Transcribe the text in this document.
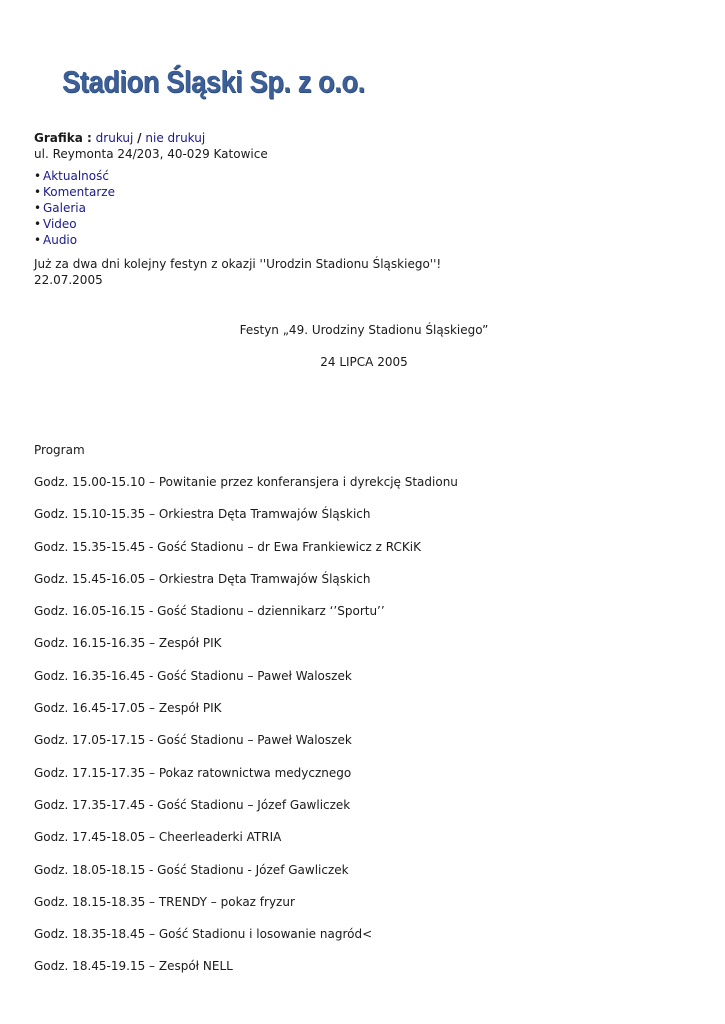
Stadion Śląski Sp. z o.o.
Grafika : drukuj / nie drukuj
ul. Reymonta 24/203, 40-029 Katowice
• Aktualność
• Komentarze
• Galeria
• Video
• Audio
Już za dwa dni kolejny festyn z okazji ''Urodzin Stadionu Śląskiego''!
22.07.2005
Festyn „49. Urodziny Stadionu Śląskiego”
24 LIPCA 2005
Program

Godz. 15.00-15.10 – Powitanie przez konferansjera i dyrekcję Stadionu

Godz. 15.10-15.35 – Orkiestra Dęta Tramwajów Śląskich

Godz. 15.35-15.45 - Gość Stadionu – dr Ewa Frankiewicz z RCKiK

Godz. 15.45-16.05 – Orkiestra Dęta Tramwajów Śląskich

Godz. 16.05-16.15 - Gość Stadionu – dziennikarz ‘’Sportu’’

Godz. 16.15-16.35 – Zespół PIK

Godz. 16.35-16.45 - Gość Stadionu – Paweł Waloszek

Godz. 16.45-17.05 – Zespół PIK

Godz. 17.05-17.15 - Gość Stadionu – Paweł Waloszek

Godz. 17.15-17.35 – Pokaz ratownictwa medycznego

Godz. 17.35-17.45 - Gość Stadionu – Józef Gawliczek

Godz. 17.45-18.05 – Cheerleaderki ATRIA

Godz. 18.05-18.15 - Gość Stadionu - Józef Gawliczek

Godz. 18.15-18.35 – TRENDY – pokaz fryzur

Godz. 18.35-18.45 – Gość Stadionu i losowanie nagród<

Godz. 18.45-19.15 – Zespół NELL
